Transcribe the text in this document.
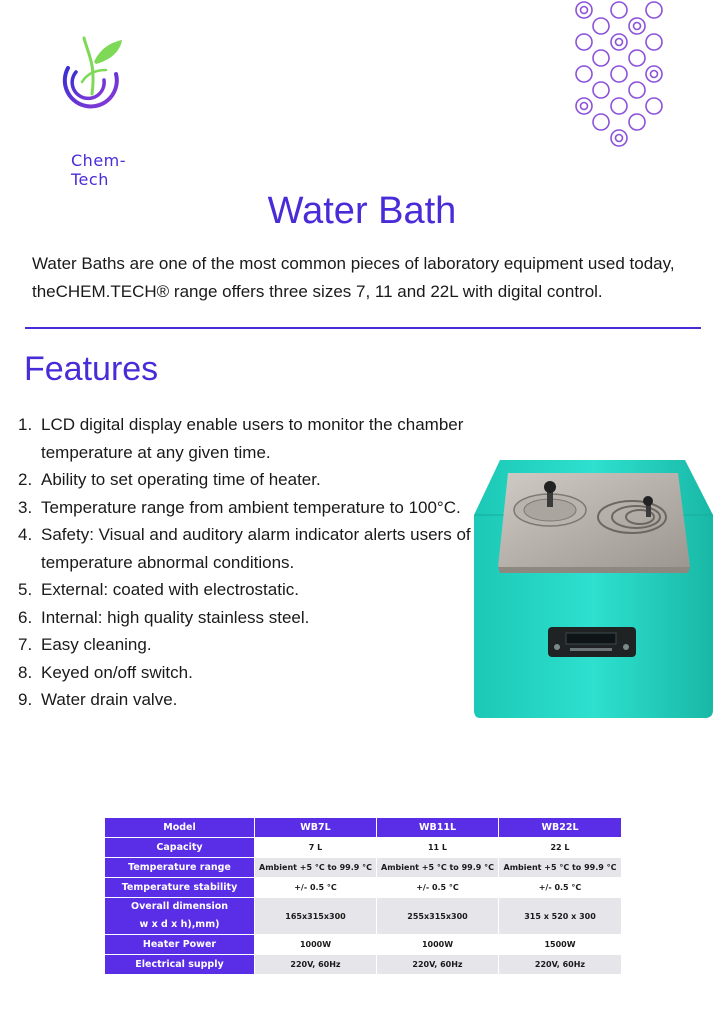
Chem-Tech
Water Bath

Water Baths are one of the most common pieces of laboratory equipment used today, theCHEM.TECH® range offers three sizes 7, 11 and 22L with digital control.

Features
1. LCD digital display enable users to monitor the chamber temperature at any given time.
2. Ability to set operating time of heater.
3. Temperature range from ambient temperature to 100°C.
4. Safety: Visual and auditory alarm indicator alerts users of temperature abnormal conditions.
5. External: coated with electrostatic.
6. Internal: high quality stainless steel.
7. Easy cleaning.
8. Keyed on/off switch.
9. Water drain valve.
Model	WB7L	WB11L	WB22L
Capacity	7 L	11 L	22 L
Temperature range	Ambient +5 °C to 99.9 °C	Ambient +5 °C to 99.9 °C	Ambient +5 °C to 99.9 °C
Temperature stability	+/- 0.5 °C	+/- 0.5 °C	+/- 0.5 °C

Overall dimension
w x d x h),mm)	165x315x300	255x315x300	315 x 520 x 300
Heater Power	1000W	1000W	1500W
Electrical supply	220V, 60Hz	220V, 60Hz	220V, 60Hz
